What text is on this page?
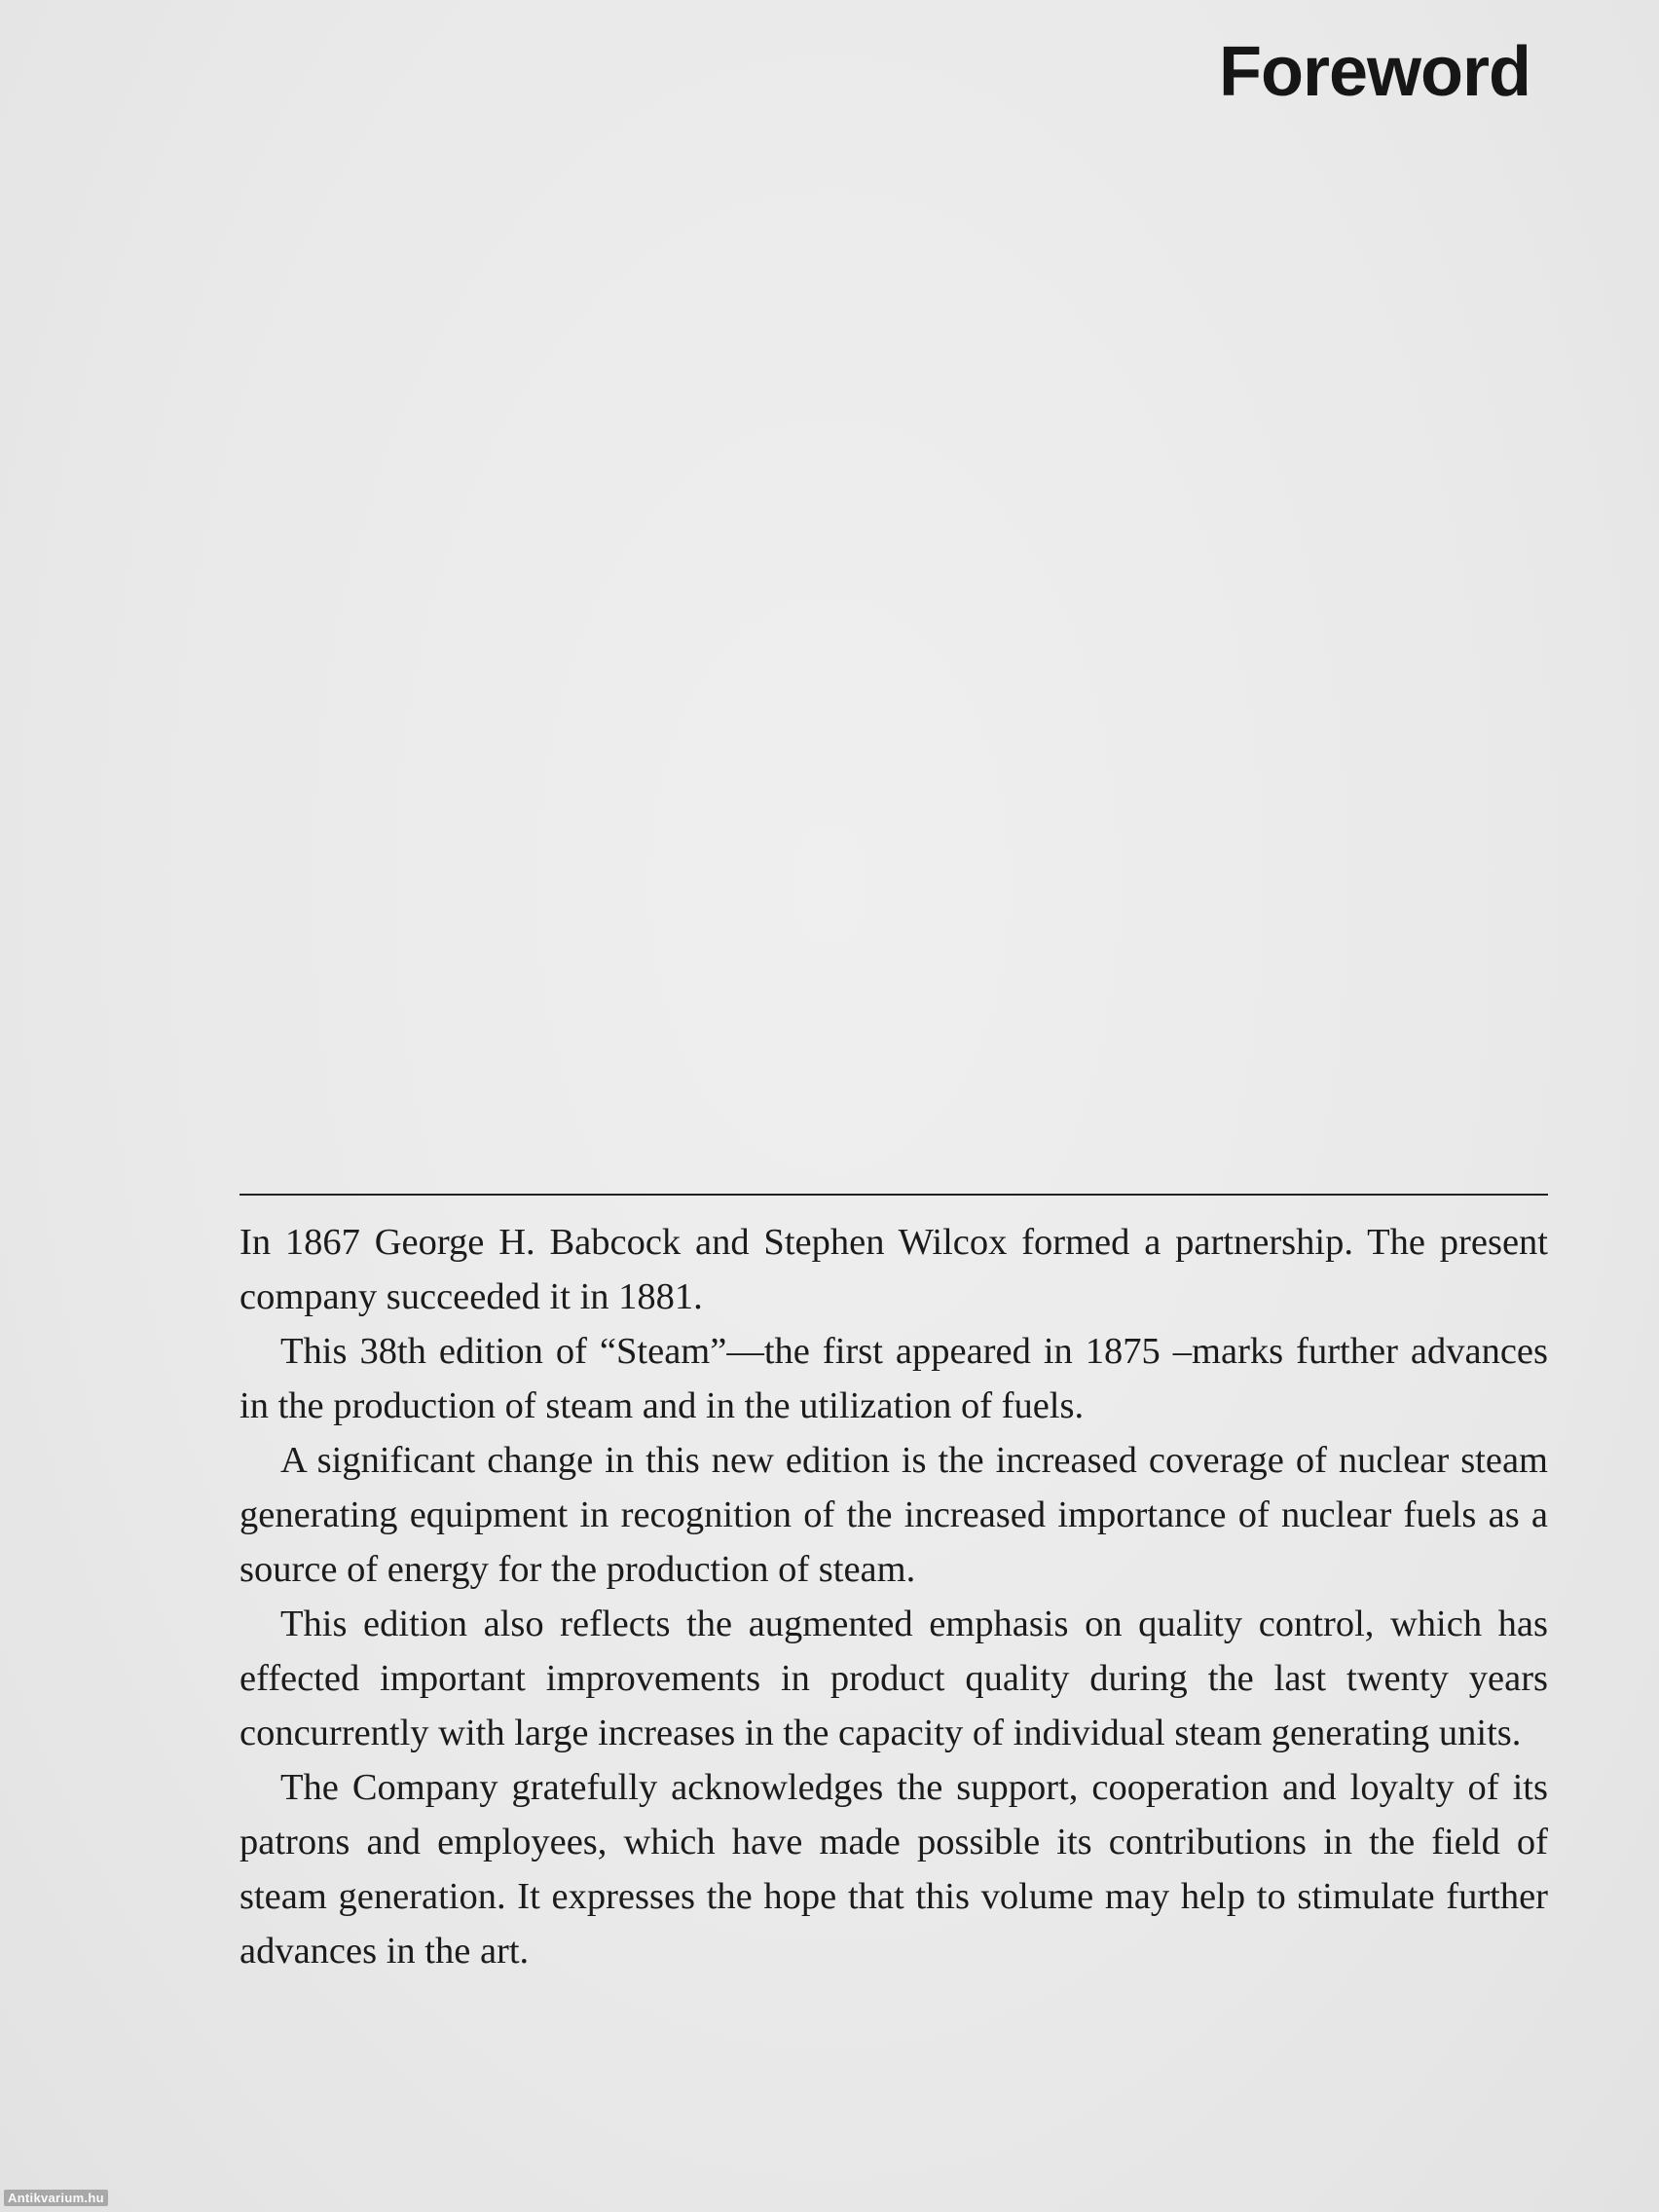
Foreword

In 1867 George H. Babcock and Stephen Wilcox formed a partnership. The present company succeeded it in 1881.

This 38th edition of “Steam”—the first appeared in 1875 –marks further advances in the production of steam and in the utilization of fuels.

A significant change in this new edition is the increased coverage of nuclear steam generating equipment in recognition of the increased importance of nuclear fuels as a source of energy for the production of steam.

This edition also reflects the augmented emphasis on quality control, which has effected important improvements in product quality during the last twenty years concurrently with large increases in the capacity of individual steam generating units.

The Company gratefully acknowledges the support, cooperation and loyalty of its patrons and employees, which have made possible its contributions in the field of steam generation. It expresses the hope that this volume may help to stimulate further advances in the art.

Antikvarium.hu
